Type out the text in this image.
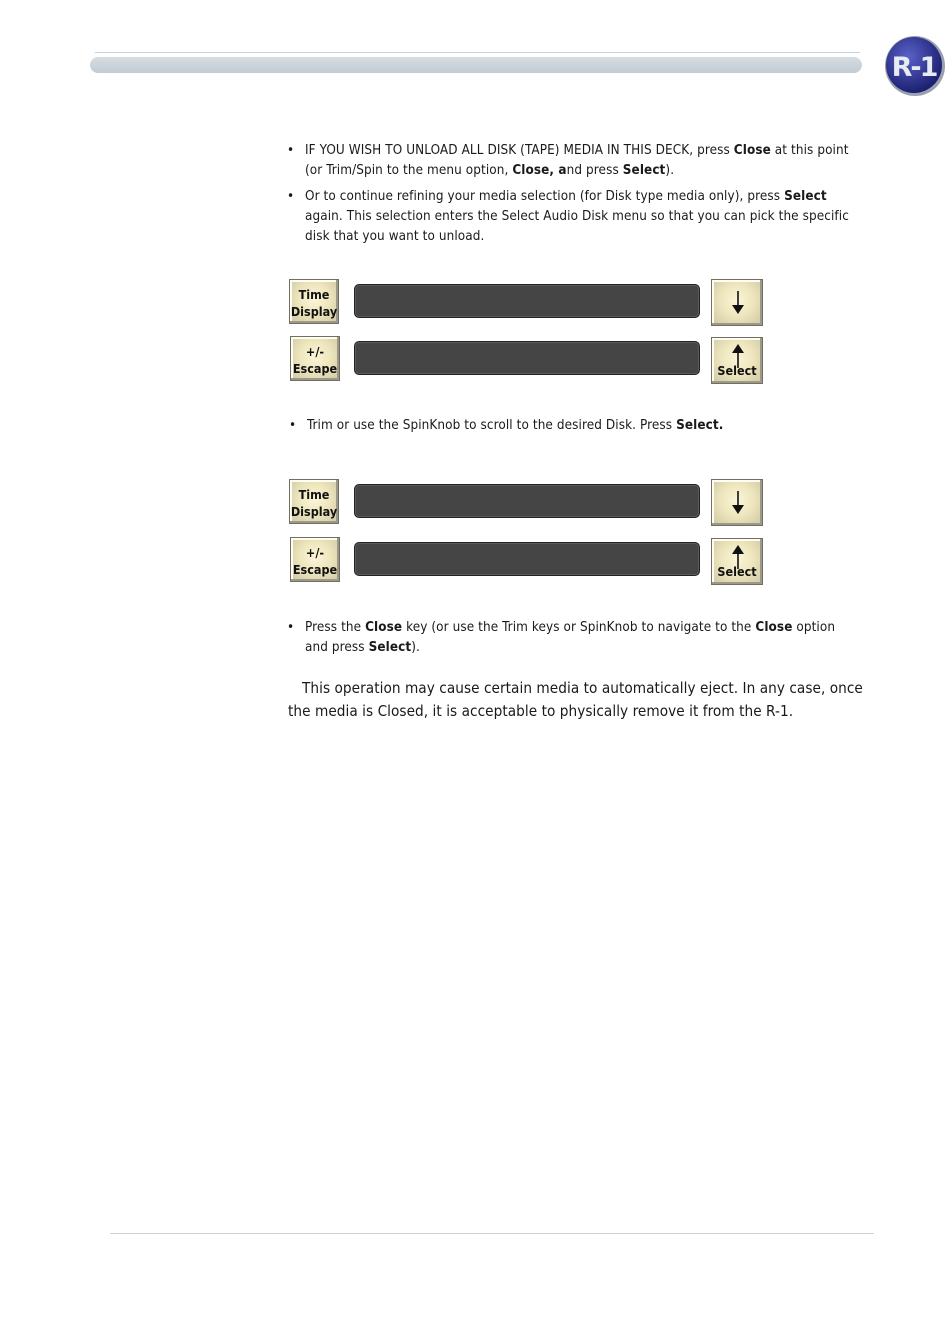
R-1
• IF YOU WISH TO UNLOAD ALL DISK (TAPE) MEDIA IN THIS DECK, press Close at this point (or Trim/Spin to the menu option, Close, and press Select).
• Or to continue refining your media selection (for Disk type media only), press Select again. This selection enters the Select Audio Disk menu so that you can pick the specific disk that you want to unload.
Time
Display
+/-
Escape	Select
• Trim or use the SpinKnob to scroll to the desired Disk. Press Select.
Time
Display
+/-
Escape	Select
• Press the Close key (or use the Trim keys or SpinKnob to navigate to the Close option and press Select).

This operation may cause certain media to automatically eject. In any case, once the media is Closed, it is acceptable to physically remove it from the R-1.
